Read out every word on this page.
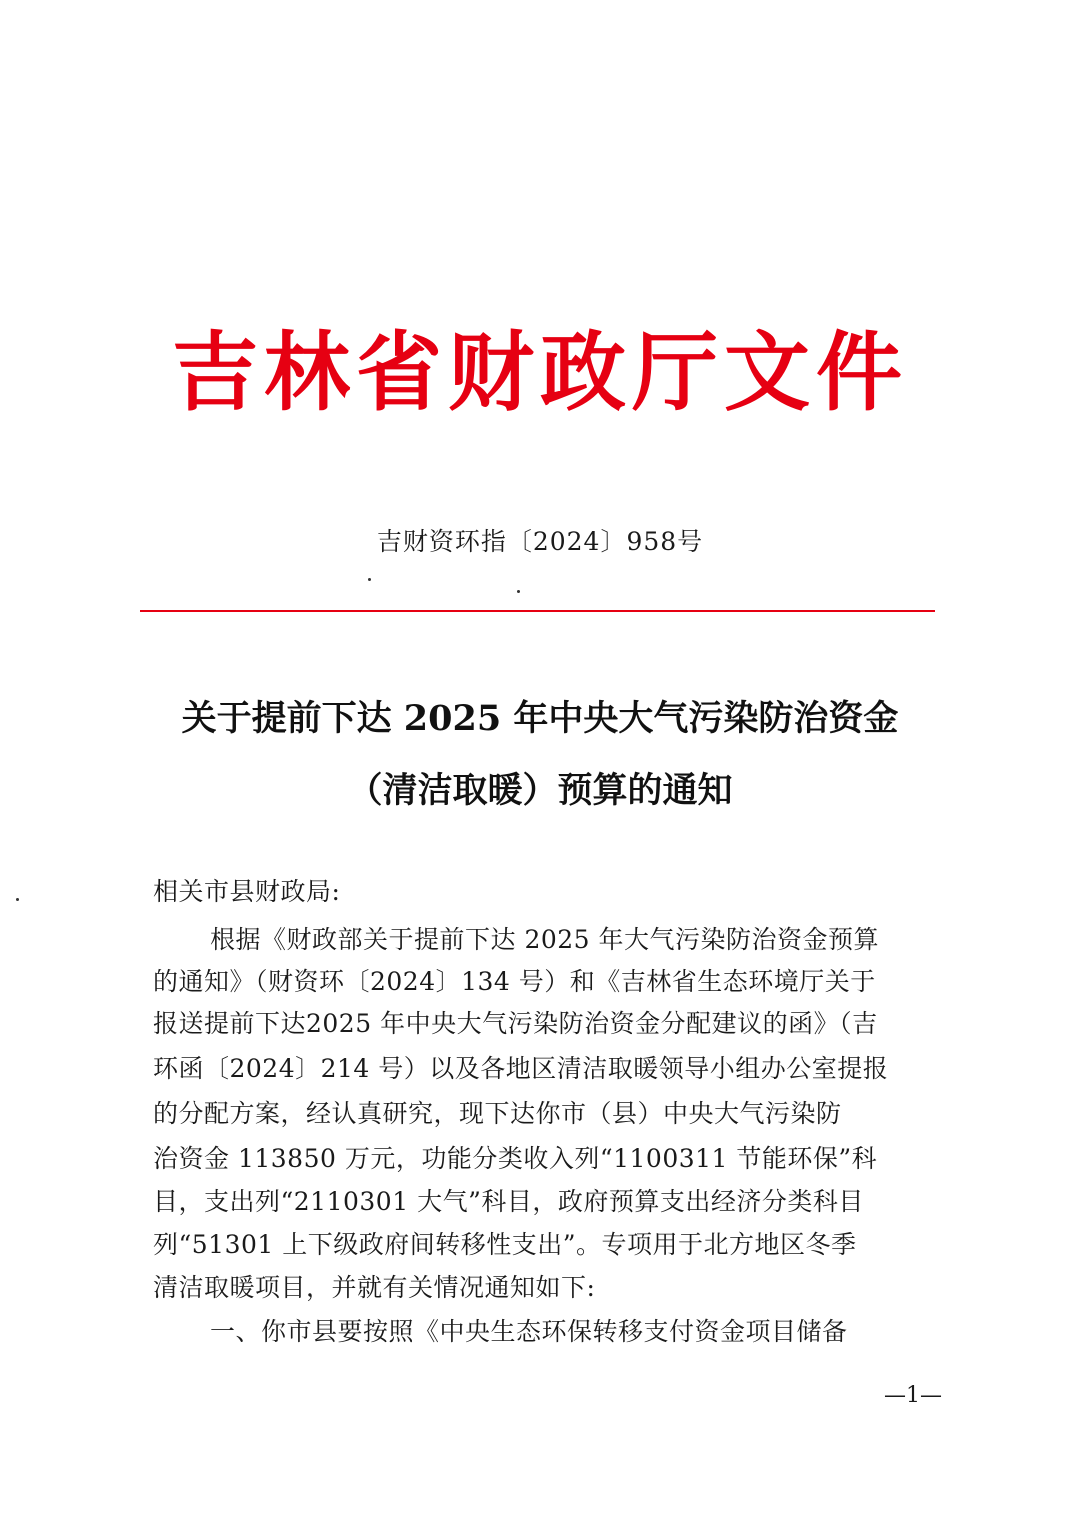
吉林省财政厅文件
吉财资环指〔2024〕958号
关于提前下达 2025 年中央大气污染防治资金
（清洁取暖）预算的通知
相关市县财政局:
根据《财政部关于提前下达 2025 年大气污染防治资金预算
的通知》（财资环〔2024〕134 号）和《吉林省生态环境厅关于
报送提前下达2025 年中央大气污染防治资金分配建议的函》（吉
环函〔2024〕214 号）以及各地区清洁取暖领导小组办公室提报
的分配方案，经认真研究，现下达你市（县）中央大气污染防
治资金 113850 万元，功能分类收入列“1100311 节能环保”科
目，支出列“2110301 大气”科目，政府预算支出经济分类科目
列“51301 上下级政府间转移性支出”。专项用于北方地区冬季
清洁取暖项目，并就有关情况通知如下:
一、你市县要按照《中央生态环保转移支付资金项目储备
—1—
